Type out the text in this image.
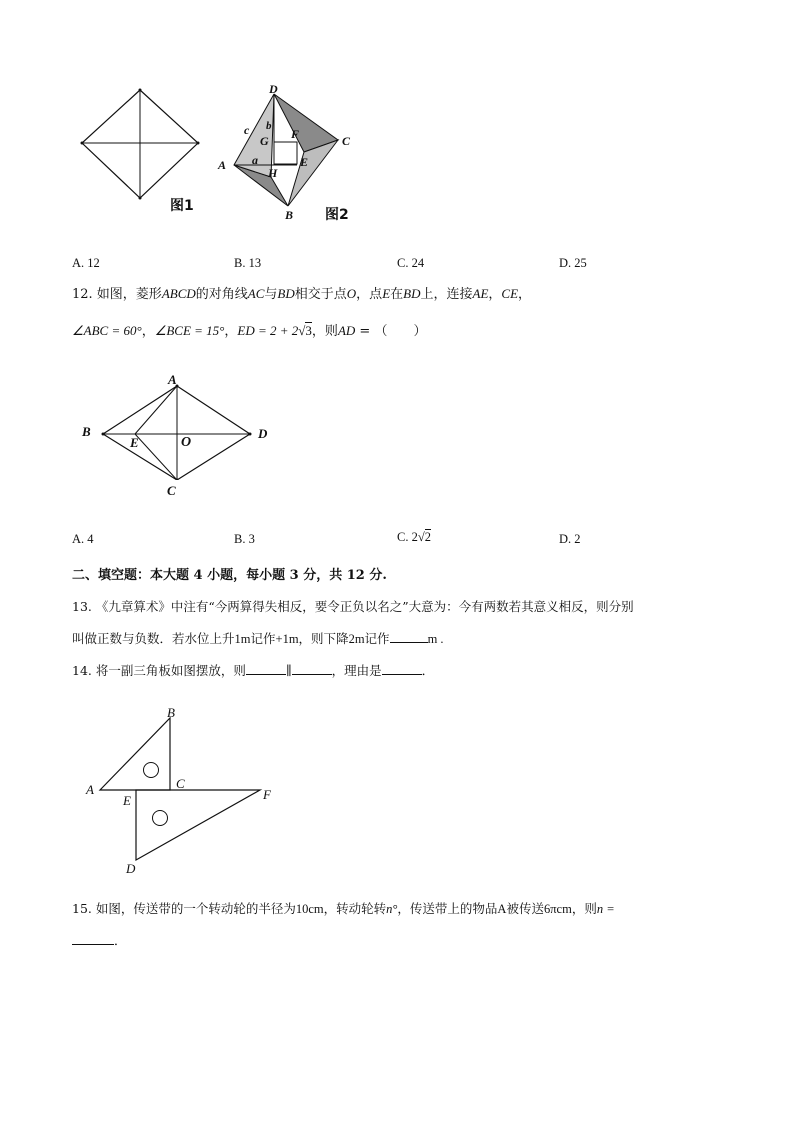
图1
D
C
A
B
c b
G F
E
a
H
图2
A. 12	B. 13	C. 24	D. 25
12. 如图，菱形ABCD的对角线AC与BD相交于点O，点E在BD上，连接AE，CE，
∠ABC = 60°，∠BCE = 15°，ED = 2 + 2√3，则AD = （　　）
A
B
E	O
D
C
A. 4	B. 3	C. 2√2	D. 2
二、填空题：本大题 4 小题，每小题 3 分，共 12 分.
13. 《九章算术》中注有“今两算得失相反，要令正负以名之”大意为：今有两数若其意义相反，则分别
叫做正数与负数．若水位上升1m记作+1m，则下降2m记作	m .
14. 将一副三角板如图摆放，则	∥	，理由是	．
B
A	C
E	F
D
15. 如图，传送带的一个转动轮的半径为10cm，转动轮转n°，传送带上的物品A被传送6πcm，则n =
．
